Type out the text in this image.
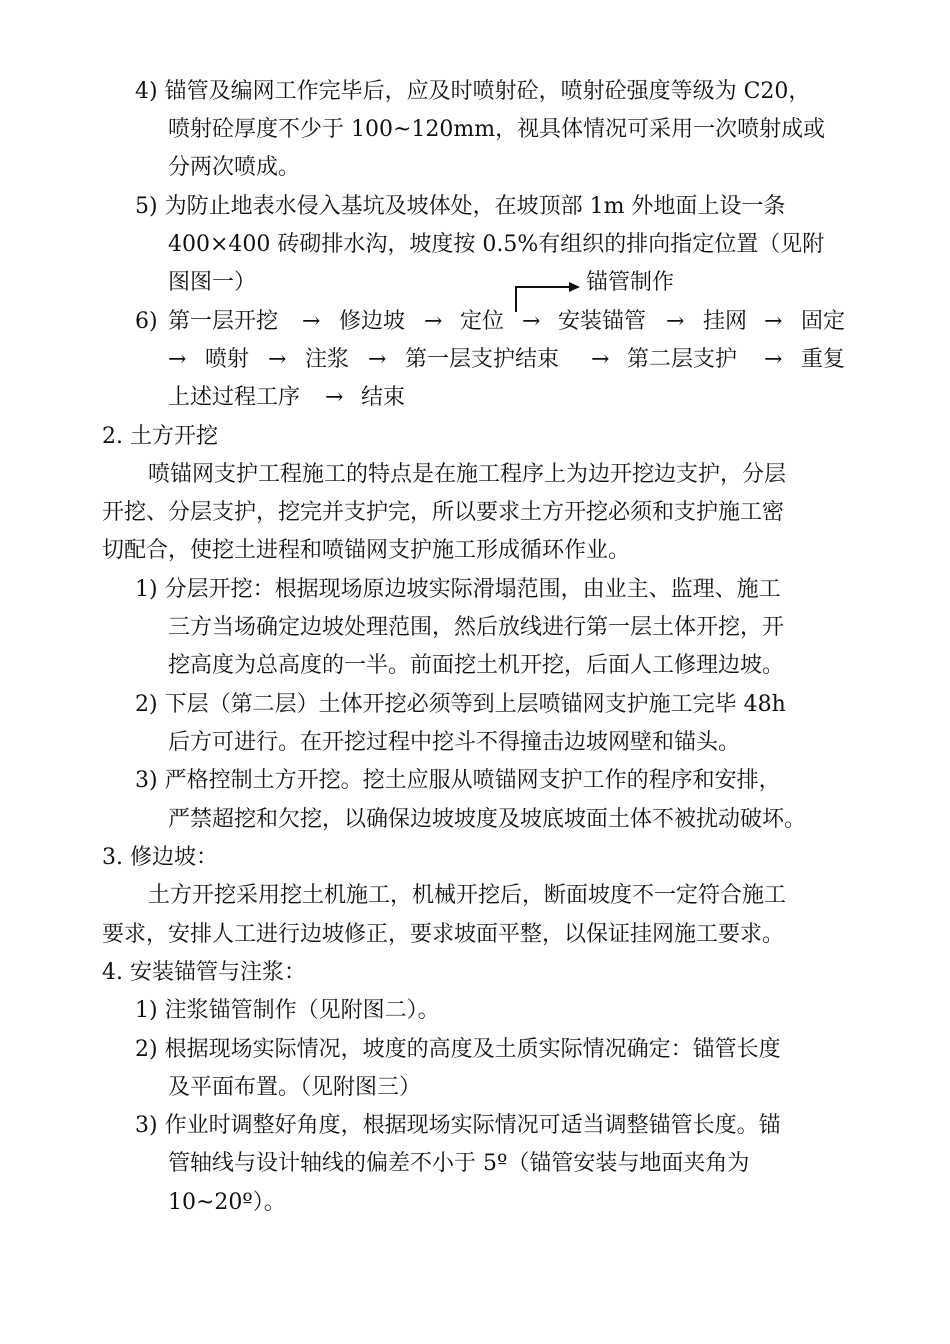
4) 锚管及编网工作完毕后，应及时喷射砼，喷射砼强度等级为 C20，
喷射砼厚度不少于 100~120mm，视具体情况可采用一次喷射成或
分两次喷成。
5) 为防止地表水侵入基坑及坡体处，在坡顶部 1m 外地面上设一条
400×400 砖砌排水沟，坡度按 0.5%有组织的排向指定位置（见附
图图一）	锚管制作
6) 第一层开挖 → 修边坡 → 定位 → 安装锚管 → 挂网 → 固定
→ 喷射 → 注浆 → 第一层支护结束 → 第二层支护 → 重复
上述过程工序 → 结束
2. 土方开挖
喷锚网支护工程施工的特点是在施工程序上为边开挖边支护，分层
开挖、分层支护，挖完并支护完，所以要求土方开挖必须和支护施工密
切配合，使挖土进程和喷锚网支护施工形成循环作业。
1) 分层开挖：根据现场原边坡实际滑塌范围，由业主、监理、施工
三方当场确定边坡处理范围，然后放线进行第一层土体开挖，开
挖高度为总高度的一半。前面挖土机开挖，后面人工修理边坡。
2) 下层（第二层）土体开挖必须等到上层喷锚网支护施工完毕 48h
后方可进行。在开挖过程中挖斗不得撞击边坡网壁和锚头。
3) 严格控制土方开挖。挖土应服从喷锚网支护工作的程序和安排，
严禁超挖和欠挖，以确保边坡坡度及坡底坡面土体不被扰动破坏。
3. 修边坡：
土方开挖采用挖土机施工，机械开挖后，断面坡度不一定符合施工
要求，安排人工进行边坡修正，要求坡面平整，以保证挂网施工要求。
4. 安装锚管与注浆：
1) 注浆锚管制作（见附图二）。
2) 根据现场实际情况，坡度的高度及土质实际情况确定：锚管长度
及平面布置。（见附图三）
3) 作业时调整好角度，根据现场实际情况可适当调整锚管长度。锚
管轴线与设计轴线的偏差不小于 5º（锚管安装与地面夹角为
10~20º）。
